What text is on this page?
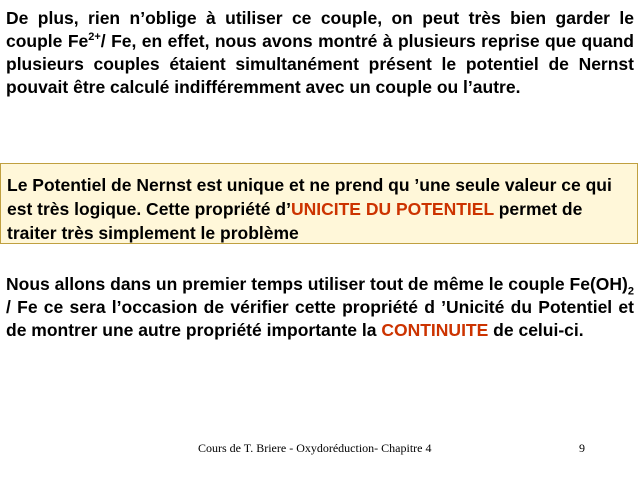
De plus, rien n’oblige à utiliser ce couple, on peut très bien garder le couple $Fe^{2+}/$ Fe, en effet, nous avons montré à plusieurs reprise que quand plusieurs couples étaient simultanément présent le potentiel de Nernst pouvait être calculé indifféremment avec un couple ou l’autre.
Le Potentiel de Nernst est unique et ne prend qu ’une seule valeur ce qui est très logique. Cette propriété d’UNICITE DU POTENTIEL permet de traiter très simplement le problème
Nous allons dans un premier temps utiliser tout de même le couple $Fe(OH)_2$ / Fe ce sera l’occasion de vérifier cette propriété d ’Unicité du Potentiel et de montrer une autre propriété importante la CONTINUITE de celui-ci.
Cours de T. Briere - Oxydoréduction- Chapitre 4	9
